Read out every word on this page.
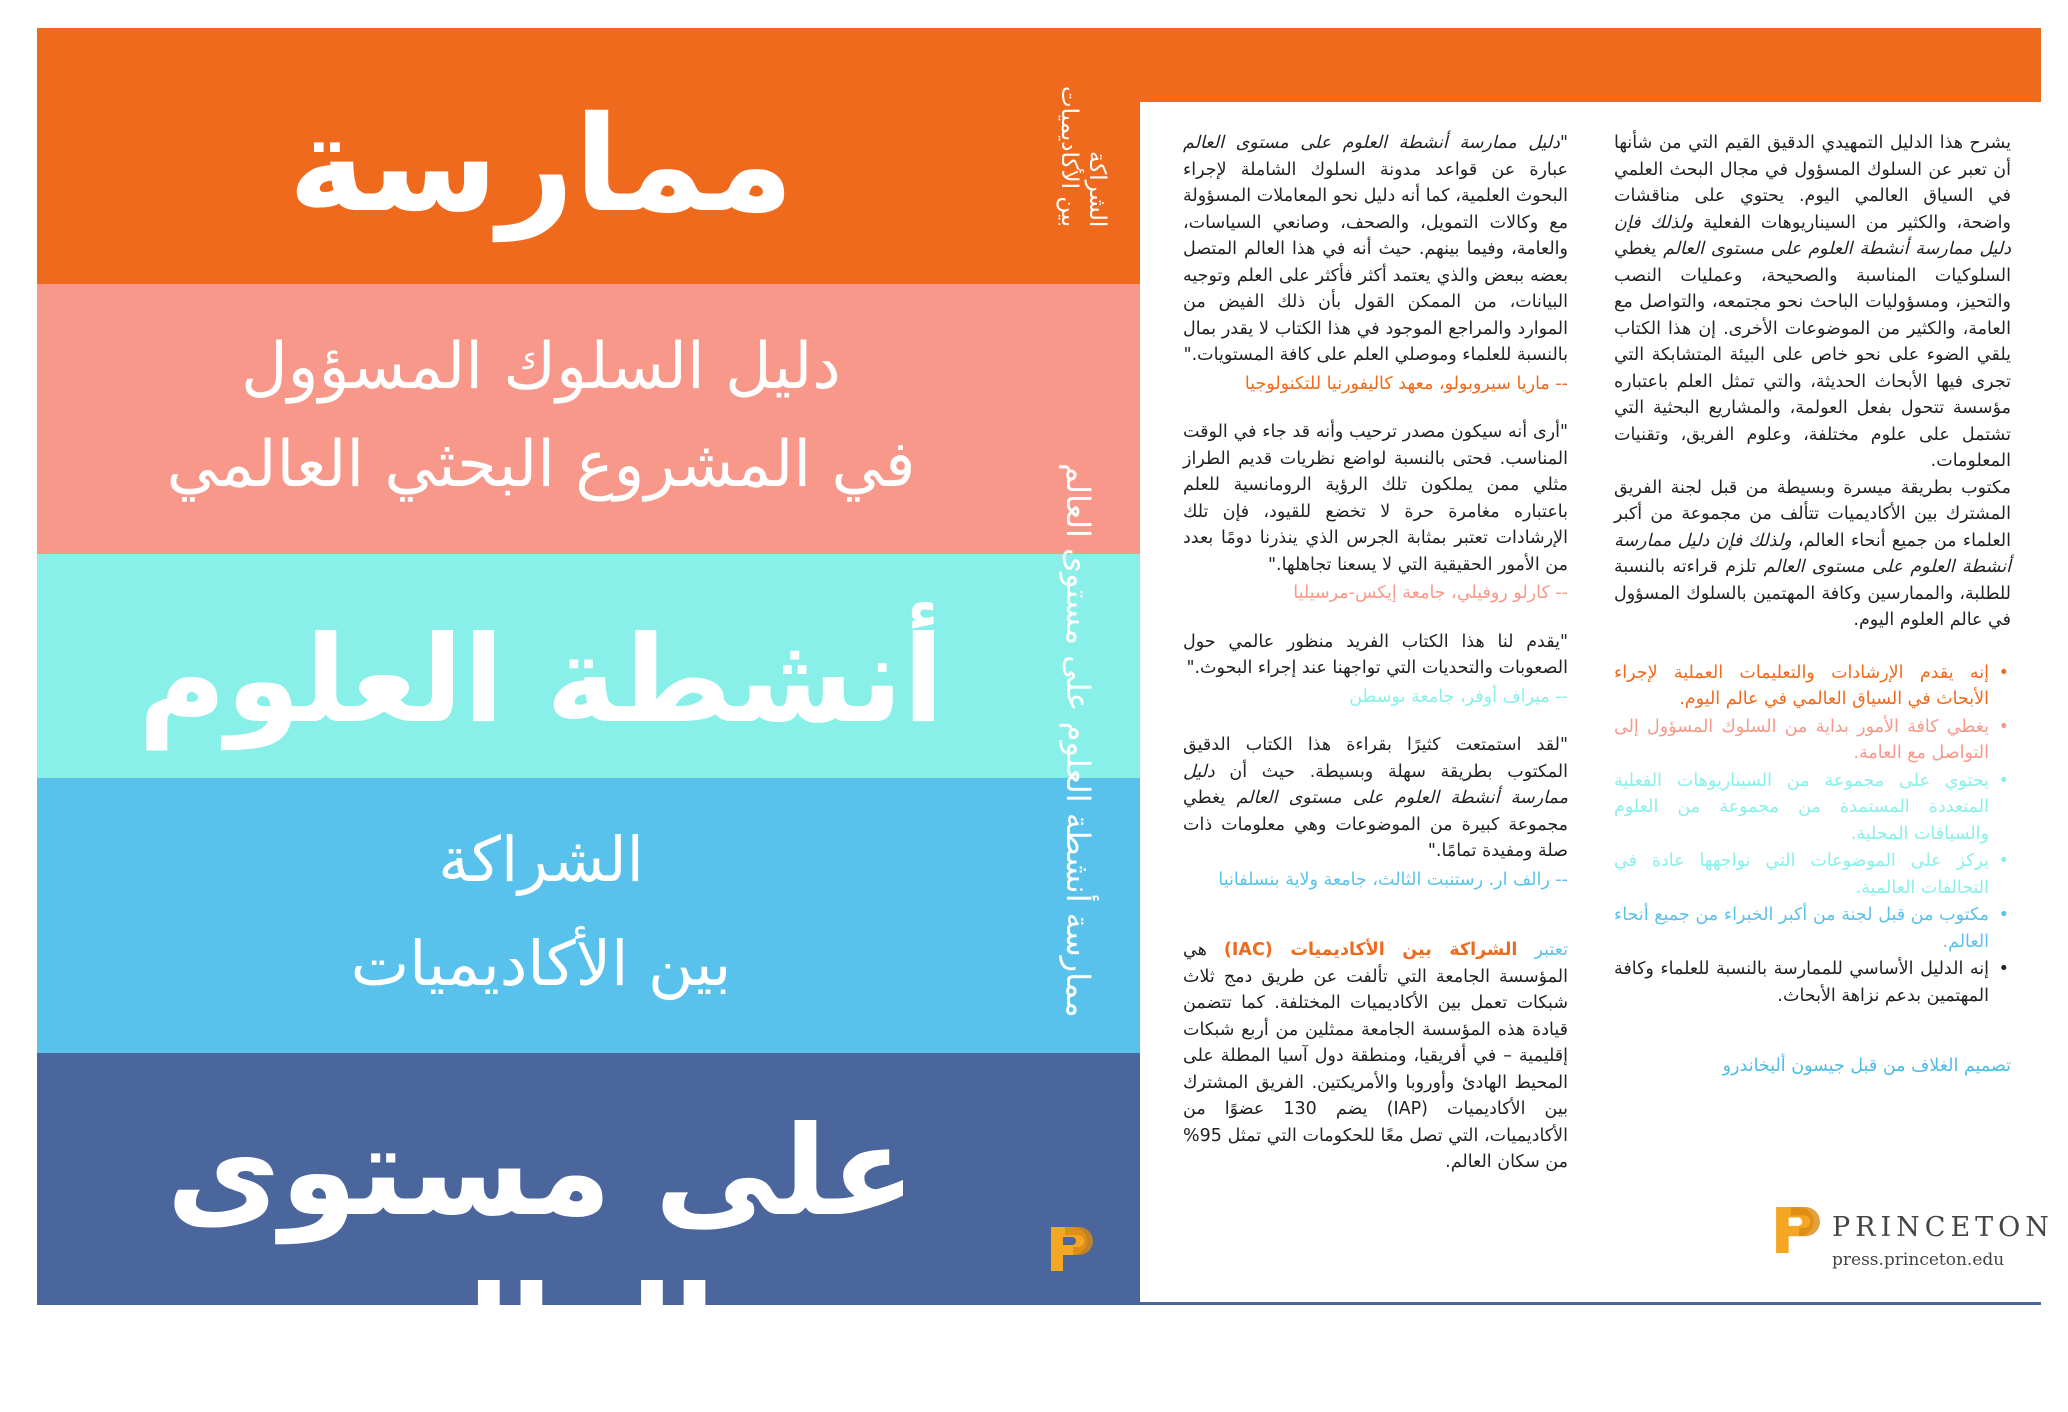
ممارسة
دليل السلوك المسؤول
في المشروع البحثي العالمي
أنشطة العلوم
الشراكة
بين الأكاديميات
على مستوى العالم
الشراكة
بين الأكاديميات
ممارسة أنشطة العلوم على مستوى العالم

يشرح هذا الدليل التمهيدي الدقيق القيم التي من شأنها أن تعبر عن السلوك المسؤول في مجال البحث العلمي في السياق العالمي اليوم. يحتوي على مناقشات واضحة، والكثير من السيناريوهات الفعلية ولذلك فإن دليل ممارسة أنشطة العلوم على مستوى العالم يغطي السلوكيات المناسبة والصحيحة، وعمليات النصب والتحيز، ومسؤوليات الباحث نحو مجتمعه، والتواصل مع العامة، والكثير من الموضوعات الأخرى. إن هذا الكتاب يلقي الضوء على نحو خاص على البيئة المتشابكة التي تجرى فيها الأبحاث الحديثة، والتي تمثل العلم باعتباره مؤسسة تتحول بفعل العولمة، والمشاريع البحثية التي تشتمل على علوم مختلفة، وعلوم الفريق، وتقنيات المعلومات.

مكتوب بطريقة ميسرة وبسيطة من قبل لجنة الفريق المشترك بين الأكاديميات تتألف من مجموعة من أكبر العلماء من جميع أنحاء العالم، ولذلك فإن دليل ممارسة أنشطة العلوم على مستوى العالم تلزم قراءته بالنسبة للطلبة، والممارسين وكافة المهتمين بالسلوك المسؤول في عالم العلوم اليوم.

• إنه يقدم الإرشادات والتعليمات العملية لإجراء الأبحاث في السياق العالمي في عالم اليوم.
• يغطي كافة الأمور بداية من السلوك المسؤول إلى التواصل مع العامة.
• يحتوي على مجموعة من السيناريوهات الفعلية المتعددة المستمدة من مجموعة من العلوم والسياقات المحلية.
• يركز على الموضوعات التي نواجهها عادة في التحالفات العالمية.
• مكتوب من قبل لجنة من أكبر الخبراء من جميع أنحاء العالم.
• إنه الدليل الأساسي للممارسة بالنسبة للعلماء وكافة المهتمين بدعم نزاهة الأبحاث.
تصميم الغلاف من قبل جيسون أليخاندرو
"دليل ممارسة أنشطة العلوم على مستوى العالم عبارة عن قواعد مدونة السلوك الشاملة لإجراء البحوث العلمية، كما أنه دليل نحو المعاملات المسؤولة مع وكالات التمويل، والصحف، وصانعي السياسات، والعامة، وفيما بينهم. حيث أنه في هذا العالم المتصل بعضه ببعض والذي يعتمد أكثر فأكثر على العلم وتوجيه البيانات، من الممكن القول بأن ذلك الفيض من الموارد والمراجع الموجود في هذا الكتاب لا يقدر بمال بالنسبة للعلماء وموصلي العلم على كافة المستويات."
-- ماريا سيروبولو، معهد كاليفورنيا للتكنولوجيا
"أرى أنه سيكون مصدر ترحيب وأنه قد جاء في الوقت المناسب. فحتى بالنسبة لواضع نظريات قديم الطراز مثلي ممن يملكون تلك الرؤية الرومانسية للعلم باعتباره مغامرة حرة لا تخضع للقيود، فإن تلك الإرشادات تعتبر بمثابة الجرس الذي ينذرنا دومًا بعدد من الأمور الحقيقية التي لا يسعنا تجاهلها."
-- كارلو روفيلي، جامعة إيكس-مرسيليا
"يقدم لنا هذا الكتاب الفريد منظور عالمي حول الصعوبات والتحديات التي تواجهنا عند إجراء البحوث."
-- ميراف أوفر، جامعة بوسطن
"لقد استمتعت كثيرًا بقراءة هذا الكتاب الدقيق المكتوب بطريقة سهلة وبسيطة. حيث أن دليل ممارسة أنشطة العلوم على مستوى العالم يغطي مجموعة كبيرة من الموضوعات وهي معلومات ذات صلة ومفيدة تمامًا."
-- رالف ار. رستنبت الثالث، جامعة ولاية بنسلفانيا
تعتبر الشراكة بين الأكاديميات (IAC) هي المؤسسة الجامعة التي تألفت عن طريق دمج ثلاث شبكات تعمل بين الأكاديميات المختلفة. كما تتضمن قيادة هذه المؤسسة الجامعة ممثلين من أربع شبكات إقليمية – في أفريقيا، ومنطقة دول آسيا المطلة على المحيط الهادئ وأوروبا والأمريكتين. الفريق المشترك بين الأكاديميات (IAP) يضم 130 عضوًا من الأكاديميات، التي تصل معًا للحكومات التي تمثل 95% من سكان العالم.
PRINCETON
press.princeton.edu
